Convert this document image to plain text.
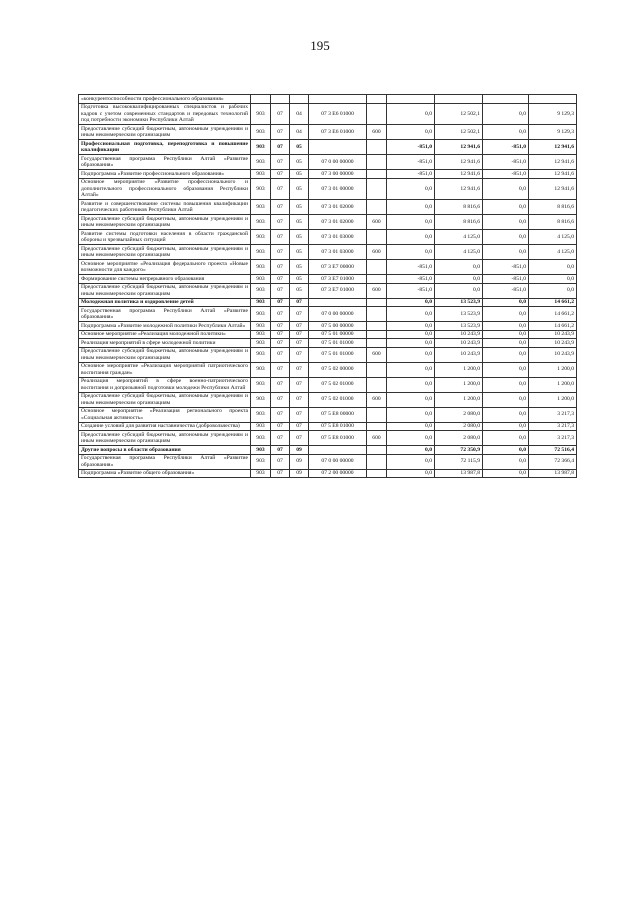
195
«конкурентоспособности профессионального образования»									
Подготовка высококвалифицированных специалистов и рабочих кадров с учетом современных стандартов и передовых технологий под потребности экономики Республики Алтай	903	07	04	07 3 E6 01000		0,0	12 502,1	0,0	9 129,3
Предоставление субсидий бюджетным, автономным учреждениям и иным некоммерческим организациям	903	07	04	07 3 E6 01000	600	0,0	12 502,1	0,0	9 129,3
Профессиональная подготовка, переподготовка и повышение квалификации	903	07	05			-851,0	12 941,6	-851,0	12 941,6
Государственная программа Республики Алтай «Развитие образования»	903	07	05	07 0 00 00000		-851,0	12 941,6	-851,0	12 941,6
Подпрограмма «Развитие профессионального образования»	903	07	05	07 3 00 00000		-851,0	12 941,6	-851,0	12 941,6
Основное мероприятие «Развитие профессионального и дополнительного профессионального образования Республики Алтай»	903	07	05	07 3 01 00000		0,0	12 941,6	0,0	12 941,6
Развитие и совершенствование системы повышения квалификации педагогических работников Республики Алтай	903	07	05	07 3 01 02000		0,0	8 816,6	0,0	8 816,6
Предоставление субсидий бюджетным, автономным учреждениям и иным некоммерческим организациям	903	07	05	07 3 01 02000	600	0,0	8 816,6	0,0	8 816,6
Развитие системы подготовки населения в области гражданской обороны и чрезвычайных ситуаций	903	07	05	07 3 01 03000		0,0	4 125,0	0,0	4 125,0
Предоставление субсидий бюджетным, автономным учреждениям и иным некоммерческим организациям	903	07	05	07 3 01 03000	600	0,0	4 125,0	0,0	4 125,0
Основное мероприятие «Реализация федерального проекта «Новые возможности для каждого»	903	07	05	07 3 E7 00000		-851,0	0,0	-851,0	0,0
Формирование системы непрерывного образования	903	07	05	07 3 E7 01000		-851,0	0,0	-851,0	0,0
Предоставление субсидий бюджетным, автономным учреждениям и иным некоммерческим организациям	903	07	05	07 3 E7 01000	600	-851,0	0,0	-851,0	0,0
Молодежная политика и оздоровление детей	903	07	07			0,0	13 523,9	0,0	14 661,2
Государственная программа Республики Алтай «Развитие образования»	903	07	07	07 0 00 00000		0,0	13 523,9	0,0	14 661,2
Подпрограмма «Развитие молодежной политики Республики Алтай»	903	07	07	07 5 00 00000		0,0	13 523,9	0,0	14 661,2
Основное мероприятие «Реализация молодежной политики»	903	07	07	07 5 01 00000		0,0	10 243,9	0,0	10 243,9
Реализация мероприятий в сфере молодежной политики	903	07	07	07 5 01 01000		0,0	10 243,9	0,0	10 243,9
Предоставление субсидий бюджетным, автономным учреждениям и иным некоммерческим организациям	903	07	07	07 5 01 01000	600	0,0	10 243,9	0,0	10 243,9
Основное мероприятие «Реализация мероприятий патриотического воспитания граждан»	903	07	07	07 5 02 00000		0,0	1 200,0	0,0	1 200,0
Реализация мероприятий в сфере военно-патриотического воспитания и допризывной подготовки молодежи Республики Алтай	903	07	07	07 5 02 01000		0,0	1 200,0	0,0	1 200,0
Предоставление субсидий бюджетным, автономным учреждениям и иным некоммерческим организациям	903	07	07	07 5 02 01000	600	0,0	1 200,0	0,0	1 200,0
Основное мероприятие «Реализация регионального проекта «Социальная активность»	903	07	07	07 5 E8 00000		0,0	2 080,0	0,0	3 217,3
Создание условий для развития наставничества (добровольчества)	903	07	07	07 5 E8 01000		0,0	2 080,0	0,0	3 217,3
Предоставление субсидий бюджетным, автономным учреждениям и иным некоммерческим организациям	903	07	07	07 5 E8 01000	600	0,0	2 080,0	0,0	3 217,3
Другие вопросы в области образования	903	07	09			0,0	72 350,9	0,0	72 516,4
Государственная программа Республики Алтай «Развитие образования»	903	07	09	07 0 00 00000		0,0	72 115,9	0,0	72 366,4
Подпрограмма «Развитие общего образования»	903	07	09	07 2 00 00000		0,0	13 987,8	0,0	13 987,8
